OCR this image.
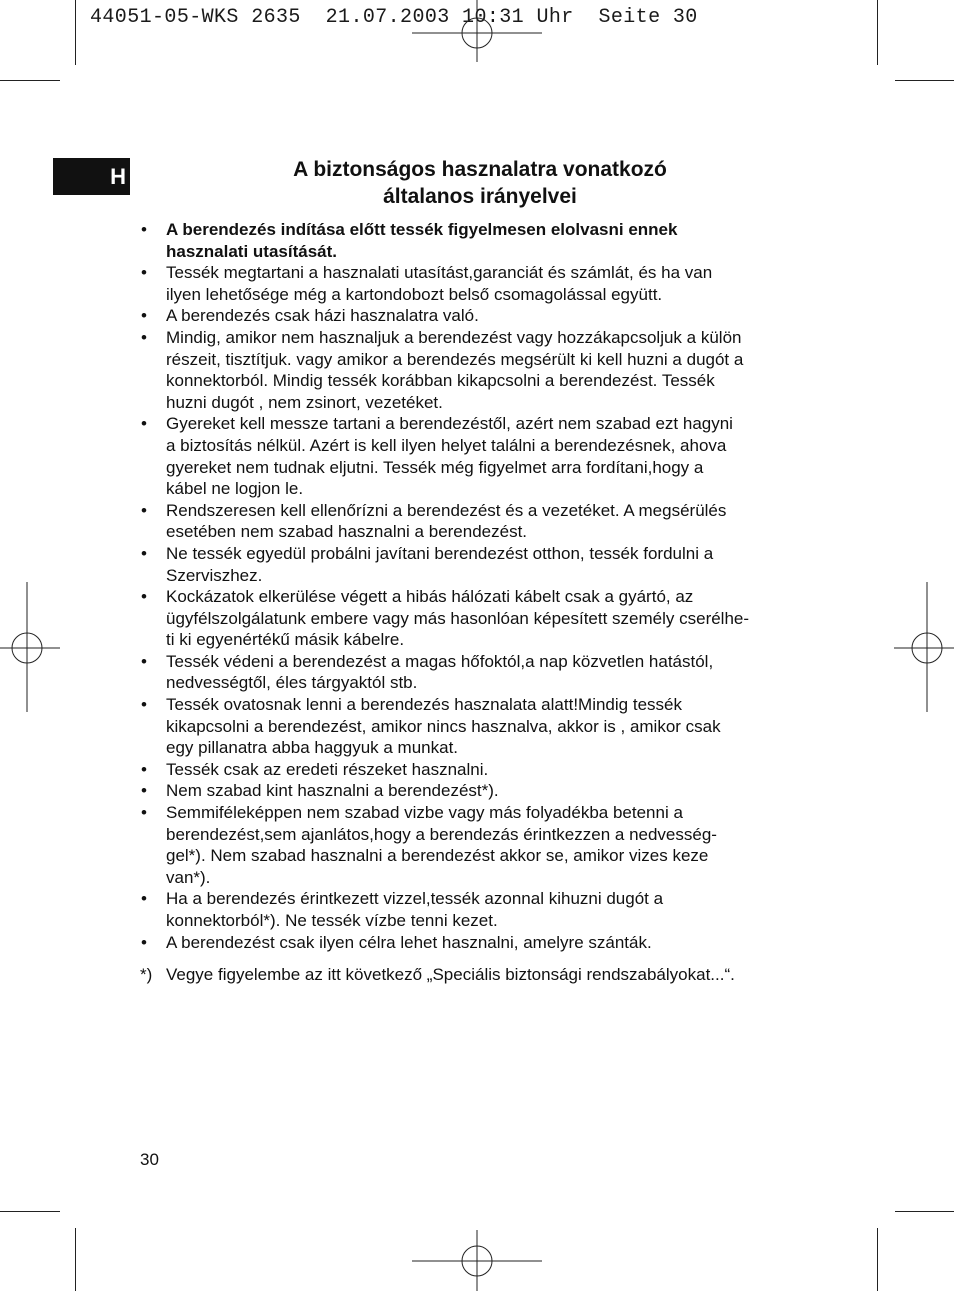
44051-05-WKS 2635  21.07.2003 10:31 Uhr  Seite 30
H	A biztonságos hasznalatra vonatkozó
általanos irányelvei
• A berendezés indítása előtt tessék figyelmesen elolvasni ennek
hasznalati utasítását.
• Tessék megtartani a hasznalati utasítást,garanciát és számlát, és ha van
ilyen lehetősége még a kartondobozt belső csomagolással együtt.
• A berendezés csak házi hasznalatra való.
• Mindig, amikor nem hasznaljuk a berendezést vagy hozzákapcsoljuk a külön
részeit, tisztítjuk. vagy amikor a berendezés megsérült ki kell huzni a dugót a
konnektorból. Mindig tessék korábban kikapcsolni a berendezést. Tessék
huzni dugót , nem zsinort, vezetéket.
• Gyereket kell messze tartani a berendezéstől, azért nem szabad ezt hagyni
a biztosítás nélkül. Azért is kell ilyen helyet találni a berendezésnek, ahova
gyereket nem tudnak eljutni. Tessék még figyelmet arra fordítani,hogy a
kábel ne logjon le.
• Rendszeresen kell ellenőrízni a berendezést és a vezetéket. A megsérülés
esetében nem szabad hasznalni a berendezést.
• Ne tessék egyedül probálni javítani berendezést otthon, tessék fordulni a
Szerviszhez.
• Kockázatok elkerülése végett a hibás hálózati kábelt csak a gyártó, az
ügyfélszolgálatunk embere vagy más hasonlóan képesített személy cserélhe-
ti ki egyenértékű másik kábelre.
• Tessék védeni a berendezést a magas hőfoktól,a nap közvetlen hatástól,
nedvességtől, éles tárgyaktól stb.
• Tessék ovatosnak lenni a berendezés hasznalata alatt!Mindig tessék
kikapcsolni a berendezést, amikor nincs hasznalva, akkor is , amikor csak
egy pillanatra abba haggyuk a munkat.
• Tessék csak az eredeti részeket hasznalni.
• Nem szabad kint hasznalni a berendezést*).
• Semmiféleképpen nem szabad vizbe vagy más folyadékba betenni a
berendezést,sem ajanlátos,hogy a berendezás érintkezzen a nedvesség-
gel*). Nem szabad hasznalni a berendezést akkor se, amikor vizes keze
van*).
• Ha a berendezés érintkezett vizzel,tessék azonnal kihuzni dugót a
konnektorból*). Ne tessék vízbe tenni kezet.
• A berendezést csak ilyen célra lehet hasznalni, amelyre szánták.
*) Vegye figyelembe az itt következő „Speciális biztonsági rendszabályokat...“.
30
